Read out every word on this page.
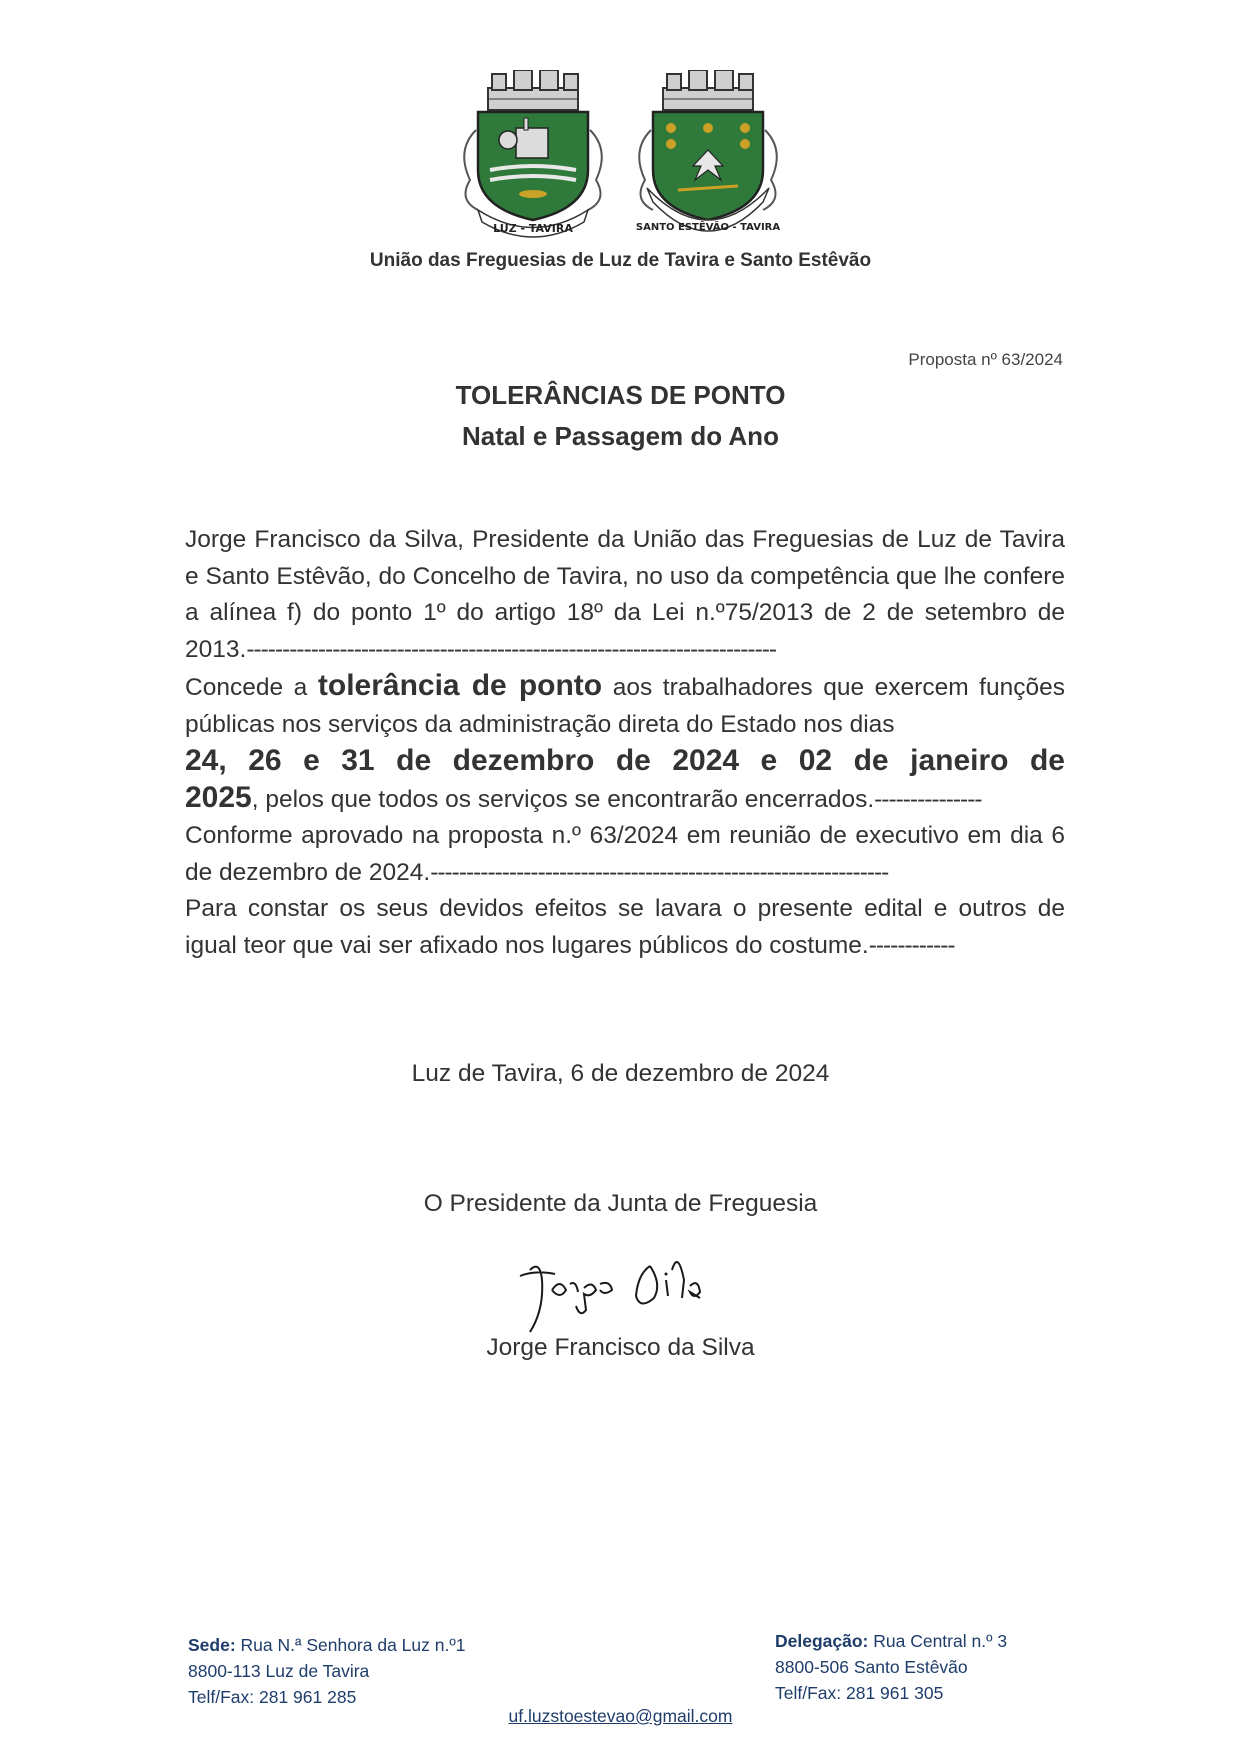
LUZ - TAVIRA	SANTO ESTÊVÃO - TAVIRA
União das Freguesias de Luz de Tavira e Santo Estêvão
Proposta nº 63/2024
TOLERÂNCIAS DE PONTO
Natal e Passagem do Ano

Jorge Francisco da Silva, Presidente da União das Freguesias de Luz de Tavira e Santo Estêvão, do Concelho de Tavira, no uso da competência que lhe confere a alínea f) do ponto 1º do artigo 18º da Lei n.º75/2013 de 2 de setembro de 2013.--------------------------------------------------------------------------

Concede a tolerância de ponto aos trabalhadores que exercem funções públicas nos serviços da administração direta do Estado nos dias
24, 26 e 31 de dezembro de 2024 e 02 de janeiro de
2025, pelos que todos os serviços se encontrarão encerrados.---------------

Conforme aprovado na proposta n.º 63/2024 em reunião de executivo em dia 6 de dezembro de 2024.----------------------------------------------------------------

Para constar os seus devidos efeitos se lavara o presente edital e outros de igual teor que vai ser afixado nos lugares públicos do costume.------------

Luz de Tavira, 6 de dezembro de 2024
O Presidente da Junta de Freguesia
Jorge Francisco da Silva
Sede: Rua N.ª Senhora da Luz n.º1
8800-113 Luz de Tavira
Telf/Fax: 281 961 285
Delegação: Rua Central n.º 3
8800-506 Santo Estêvão
Telf/Fax: 281 961 305
uf.luzstoestevao@gmail.com
